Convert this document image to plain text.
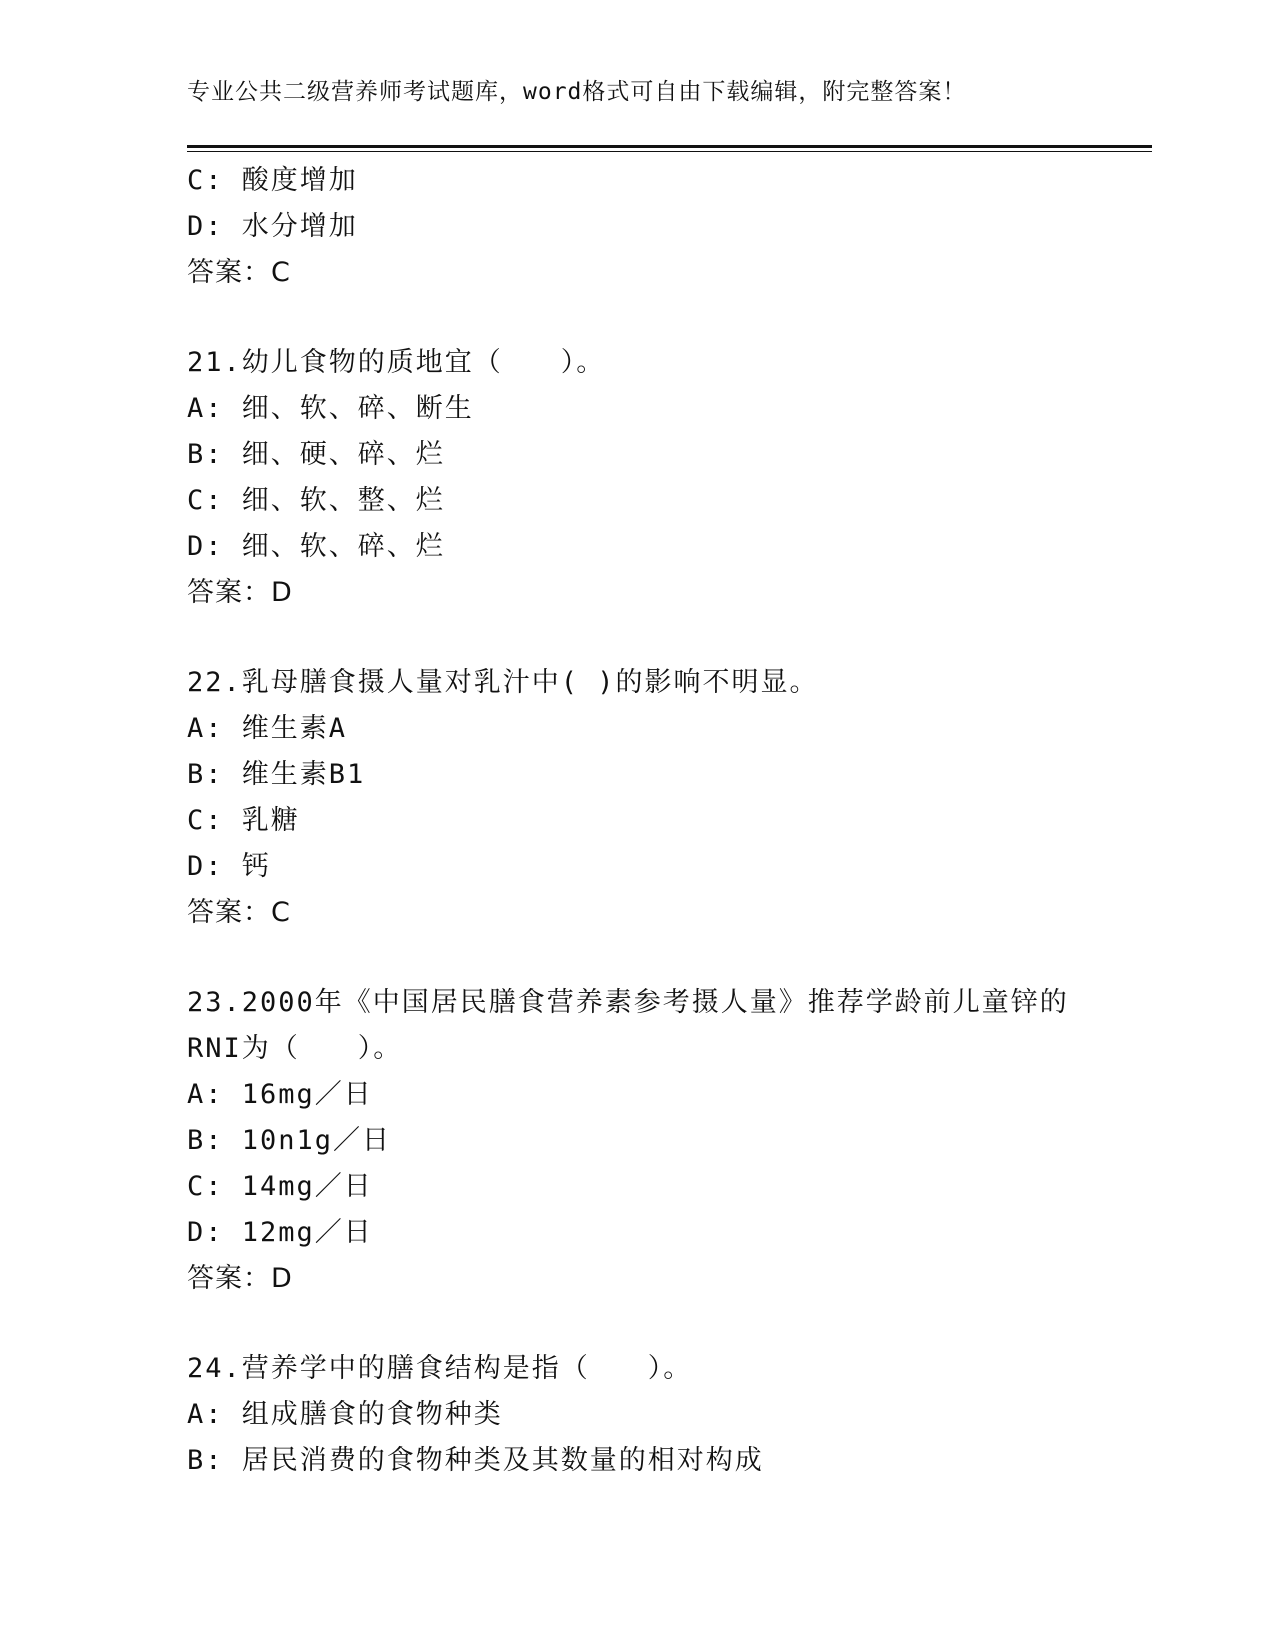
专业公共二级营养师考试题库，word格式可自由下载编辑，附完整答案！
C: 酸度增加
D: 水分增加
答案：C
21.幼儿食物的质地宜（　　）。
A: 细、软、碎、断生
B: 细、硬、碎、烂
C: 细、软、整、烂
D: 细、软、碎、烂
答案：D
22.乳母膳食摄人量对乳汁中( )的影响不明显。
A: 维生素A
B: 维生素B1
C: 乳糖
D: 钙
答案：C
23.2000年《中国居民膳食营养素参考摄人量》推荐学龄前儿童锌的
RNI为（　　）。
A: 16mg／日
B: 10n1g／日
C: 14mg／日
D: 12mg／日
答案：D
24.营养学中的膳食结构是指（　　）。
A: 组成膳食的食物种类
B: 居民消费的食物种类及其数量的相对构成
